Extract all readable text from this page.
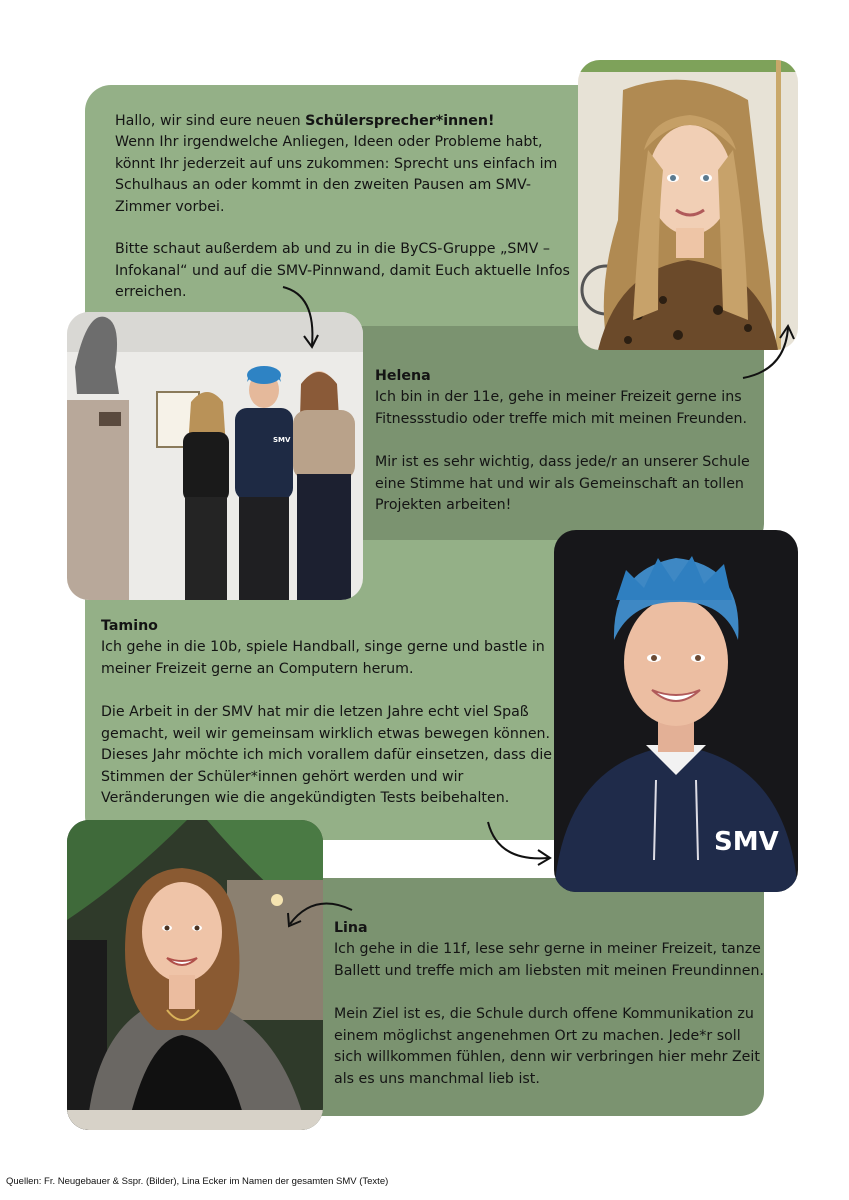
Hallo, wir sind eure neuen Schülersprecher*innen!

Wenn Ihr irgendwelche Anliegen, Ideen oder Probleme habt,
könnt Ihr jederzeit auf uns zukommen: Sprecht uns einfach im
Schulhaus an oder kommt in den zweiten Pausen am SMV-
Zimmer vorbei.

Bitte schaut außerdem ab und zu in die ByCS-Gruppe „SMV –
Infokanal“ und auf die SMV-Pinnwand, damit Euch aktuelle Infos
erreichen.

SMV

Helena

Ich bin in der 11e, gehe in meiner Freizeit gerne ins
Fitnessstudio oder treffe mich mit meinen Freunden.

Mir ist es sehr wichtig, dass jede/r an unserer Schule
eine Stimme hat und wir als Gemeinschaft an tollen
Projekten arbeiten!

SMV

Tamino

Ich gehe in die 10b, spiele Handball, singe gerne und bastle in
meiner Freizeit gerne an Computern herum.

Die Arbeit in der SMV hat mir die letzen Jahre echt viel Spaß
gemacht, weil wir gemeinsam wirklich etwas bewegen können.
Dieses Jahr möchte ich mich vorallem dafür einsetzen, dass die
Stimmen der Schüler*innen gehört werden und wir
Veränderungen wie die angekündigten Tests beibehalten.

Lina

Ich gehe in die 11f, lese sehr gerne in meiner Freizeit, tanze
Ballett und treffe mich am liebsten mit meinen Freundinnen.

Mein Ziel ist es, die Schule durch offene Kommunikation zu
einem möglichst angenehmen Ort zu machen. Jede*r soll
sich willkommen fühlen, denn wir verbringen hier mehr Zeit
als es uns manchmal lieb ist.

Quellen: Fr. Neugebauer & Sspr. (Bilder), Lina Ecker im Namen der gesamten SMV (Texte)
